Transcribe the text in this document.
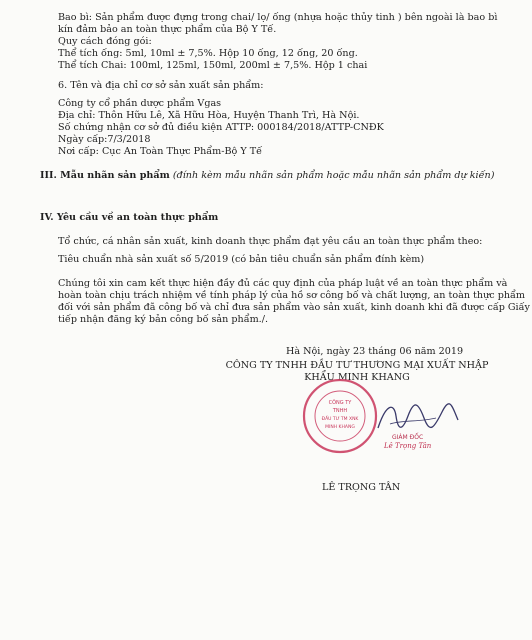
Bao bì: Sản phẩm được đựng trong chai/ lọ/ ống (nhựa hoặc thủy tinh ) bên ngoài là bao bì
kín đảm bảo an toàn thực phẩm của Bộ Y Tế.
Quy cách đóng gói:
Thể tích ống: 5ml, 10ml ± 7,5%. Hộp 10 ống, 12 ống, 20 ống.
Thể tích Chai: 100ml, 125ml, 150ml, 200ml ± 7,5%. Hộp 1 chai
6. Tên và địa chỉ cơ sở sản xuất sản phẩm:
Công ty cổ phần dược phẩm Vgas
Địa chỉ: Thôn Hữu Lê, Xã Hữu Hòa, Huyện Thanh Trì, Hà Nội.
Số chứng nhận cơ sở đủ điều kiện ATTP: 000184/2018/ATTP-CNĐK
Ngày cấp:7/3/2018
Nơi cấp: Cục An Toàn Thực Phẩm-Bộ Y Tế
III. Mẫu nhãn sản phẩm (đính kèm mẫu nhãn sản phẩm hoặc mẫu nhãn sản phẩm dự kiến)
IV. Yêu cầu về an toàn thực phẩm
Tổ chức, cá nhân sản xuất, kinh doanh thực phẩm đạt yêu cầu an toàn thực phẩm theo:
Tiêu chuẩn nhà sản xuất số 5/2019 (có bản tiêu chuẩn sản phẩm đính kèm)
Chúng tôi xin cam kết thực hiện đầy đủ các quy định của pháp luật về an toàn thực phẩm và
hoàn toàn chịu trách nhiệm về tính pháp lý của hồ sơ công bố và chất lượng, an toàn thực phẩm
đối với sản phẩm đã công bố và chỉ đưa sản phẩm vào sản xuất, kinh doanh khi đã được cấp Giấy
tiếp nhận đăng ký bản công bố sản phẩm./.
Hà Nội, ngày 23 tháng 06 năm 2019
CÔNG TY TNHH ĐẦU TƯ THƯƠNG MẠI XUẤT NHẬP
KHẨU MINH KHANG
CÔNG TY
TNHH
ĐẦU TƯ TM XNK
MINH KHANG
GIÁM ĐỐC
Lê Trọng Tân
LÊ TRỌNG TÂN
